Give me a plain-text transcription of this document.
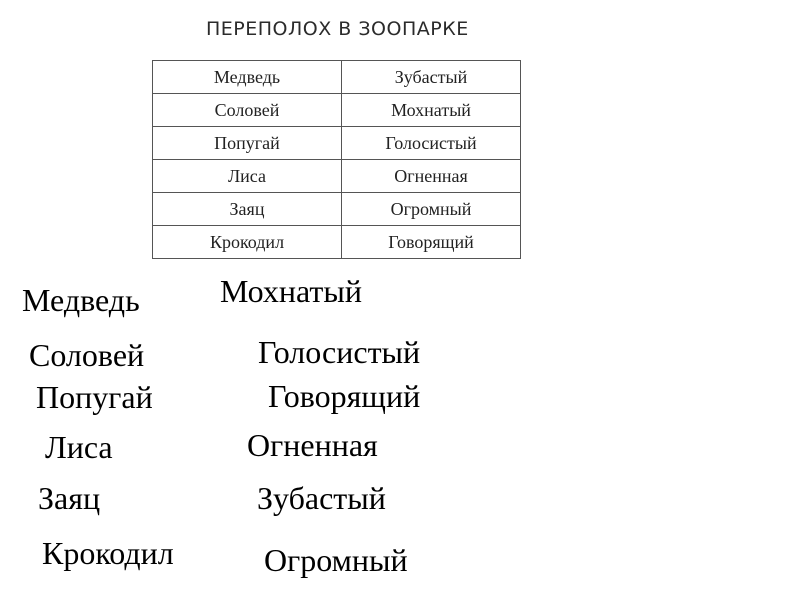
ПЕРЕПОЛОХ В ЗООПАРКЕ
Медведь	Зубастый
Соловей	Мохнатый
Попугай	Голосистый
Лиса	Огненная
Заяц	Огромный
Крокодил	Говорящий
Медведь
Соловей
Попугай
Лиса
Заяц
Крокодил
Мохнатый
Голосистый
Говорящий
Огненная
Зубастый
Огромный
